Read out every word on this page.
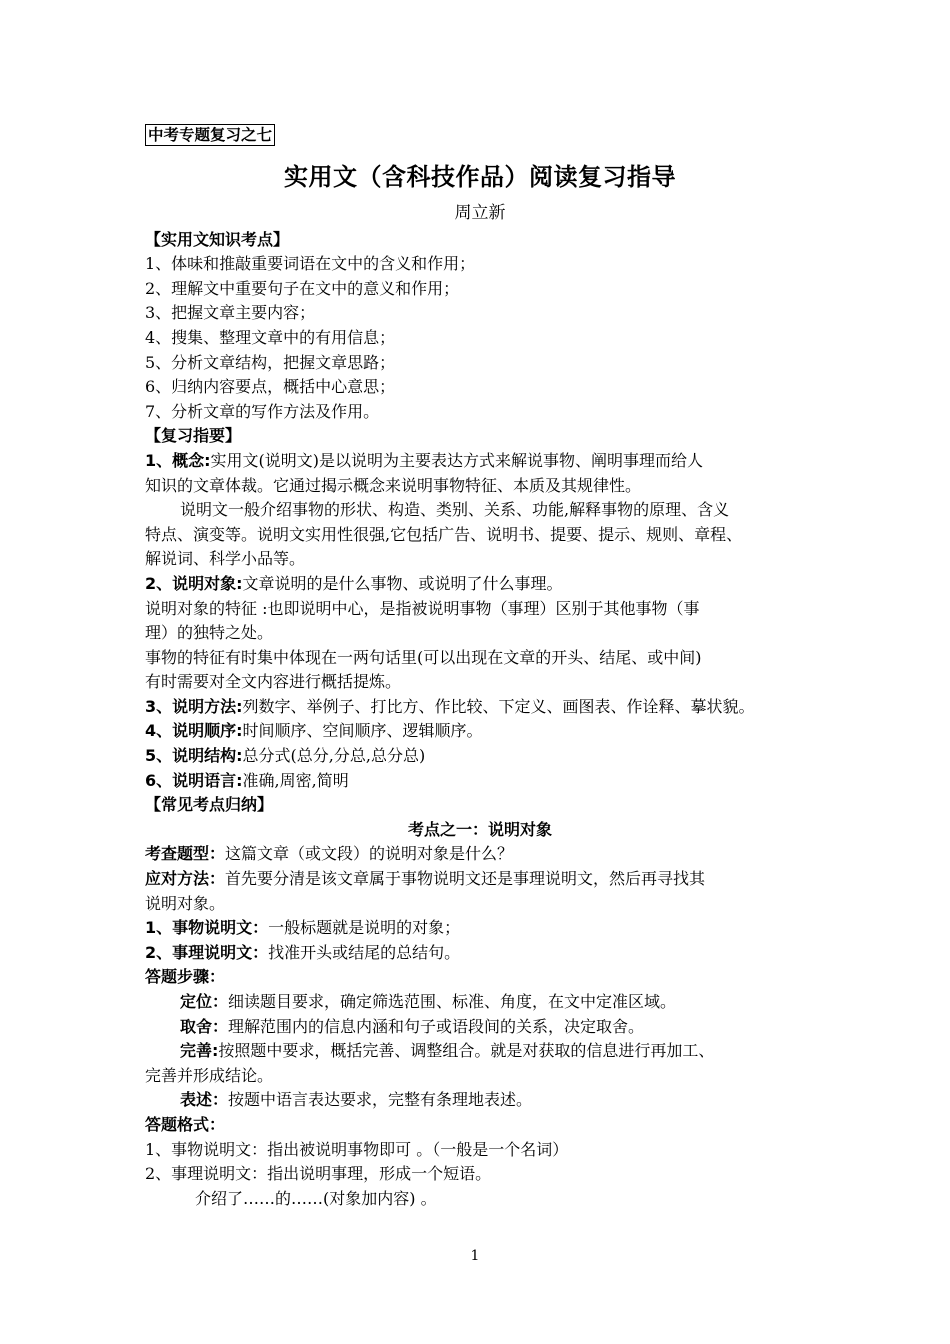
中考专题复习之七
实用文（含科技作品）阅读复习指导
周立新
【实用文知识考点】
1、体味和推敲重要词语在文中的含义和作用；
2、理解文中重要句子在文中的意义和作用；
3、把握文章主要内容；
4、搜集、整理文章中的有用信息；
5、分析文章结构，把握文章思路；
6、归纳内容要点，概括中心意思；
7、分析文章的写作方法及作用。
【复习指要】
1、概念:实用文(说明文)是以说明为主要表达方式来解说事物、阐明事理而给人
知识的文章体裁。它通过揭示概念来说明事物特征、本质及其规律性。
说明文一般介绍事物的形状、构造、类别、关系、功能,解释事物的原理、含义
特点、演变等。说明文实用性很强,它包括广告、说明书、提要、提示、规则、章程、
解说词、科学小品等。
2、说明对象:文章说明的是什么事物、或说明了什么事理。
说明对象的特征 :也即说明中心，是指被说明事物（事理）区别于其他事物（事
理）的独特之处。
事物的特征有时集中体现在一两句话里(可以出现在文章的开头、结尾、或中间)
有时需要对全文内容进行概括提炼。
3、说明方法:列数字、举例子、打比方、作比较、下定义、画图表、作诠释、摹状貌。
4、说明顺序:时间顺序、空间顺序、逻辑顺序。
5、说明结构:总分式(总分,分总,总分总)
6、说明语言:准确,周密,简明
【常见考点归纳】
考点之一：说明对象
考查题型：这篇文章（或文段）的说明对象是什么？
应对方法：首先要分清是该文章属于事物说明文还是事理说明文，然后再寻找其
说明对象。
1、事物说明文：一般标题就是说明的对象；
2、事理说明文：找准开头或结尾的总结句。
答题步骤：
定位：细读题目要求，确定筛选范围、标准、角度，在文中定准区域。
取舍：理解范围内的信息内涵和句子或语段间的关系，决定取舍。
完善:按照题中要求，概括完善、调整组合。就是对获取的信息进行再加工、
完善并形成结论。
表述：按题中语言表达要求，完整有条理地表述。
答题格式：
1、事物说明文：指出被说明事物即可 。（一般是一个名词）
2、事理说明文：指出说明事理，形成一个短语。
介绍了……的……(对象加内容) 。
1
